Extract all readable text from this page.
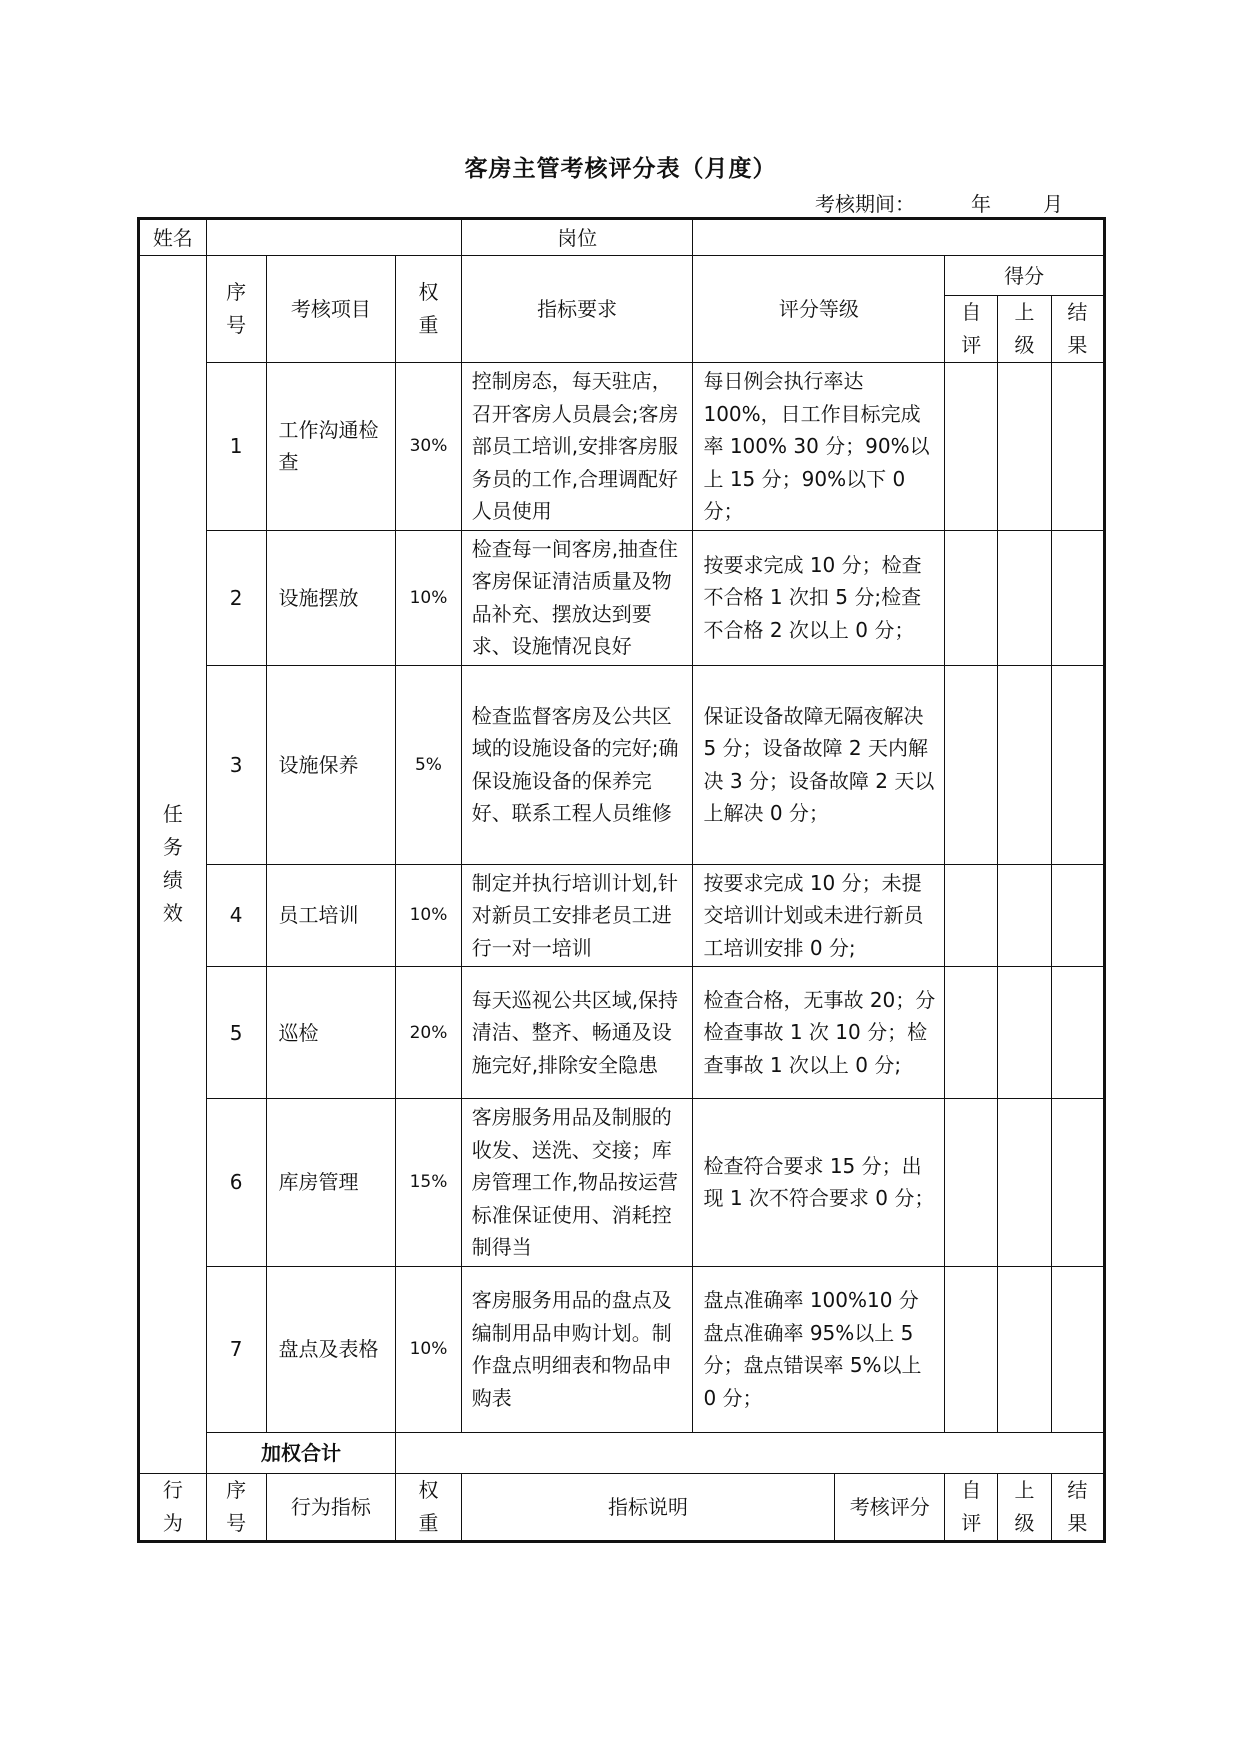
客房主管考核评分表（月度）
考核期间：	年	月
姓名				岗位					
任务绩效	序号	考核项目	权重	指标要求	评分等级		得分		
							自评	上级	结果
	1	工作沟通检查	30%	控制房态，每天驻店，召开客房人员晨会;客房部员工培训,安排客房服务员的工作,合理调配好人员使用	每日例会执行率达100%，日工作目标完成率 100% 30 分；90%以上 15 分；90%以下 0 分；				
	2	设施摆放	10%	检查每一间客房,抽查住客房保证清洁质量及物品补充、摆放达到要求、设施情况良好	按要求完成 10 分；检查不合格 1 次扣 5 分;检查不合格 2 次以上 0 分；				
	3	设施保养	5%	检查监督客房及公共区域的设施设备的完好;确保设施设备的保养完好、联系工程人员维修	保证设备故障无隔夜解决 5 分；设备故障 2 天内解决 3 分；设备故障 2 天以上解决 0 分；				
	4	员工培训	10%	制定并执行培训计划,针对新员工安排老员工进行一对一培训	按要求完成 10 分；未提交培训计划或未进行新员工培训安排 0 分;				
	5	巡检	20%	每天巡视公共区域,保持清洁、整齐、畅通及设施完好,排除安全隐患	检查合格，无事故 20；分检查事故 1 次 10 分；检查事故 1 次以上 0 分;				
	6	库房管理	15%	客房服务用品及制服的收发、送洗、交接；库房管理工作,物品按运营标准保证使用、消耗控制得当	检查符合要求 15 分；出现 1 次不符合要求 0 分；				
	7	盘点及表格	10%	客房服务用品的盘点及编制用品申购计划。制作盘点明细表和物品申购表	盘点准确率 100%10 分盘点准确率 95%以上 5 分；盘点错误率 5%以上 0 分；				
	加权合计								
行为	序号	行为指标	权重	指标说明		考核评分	自评	上级	结果
